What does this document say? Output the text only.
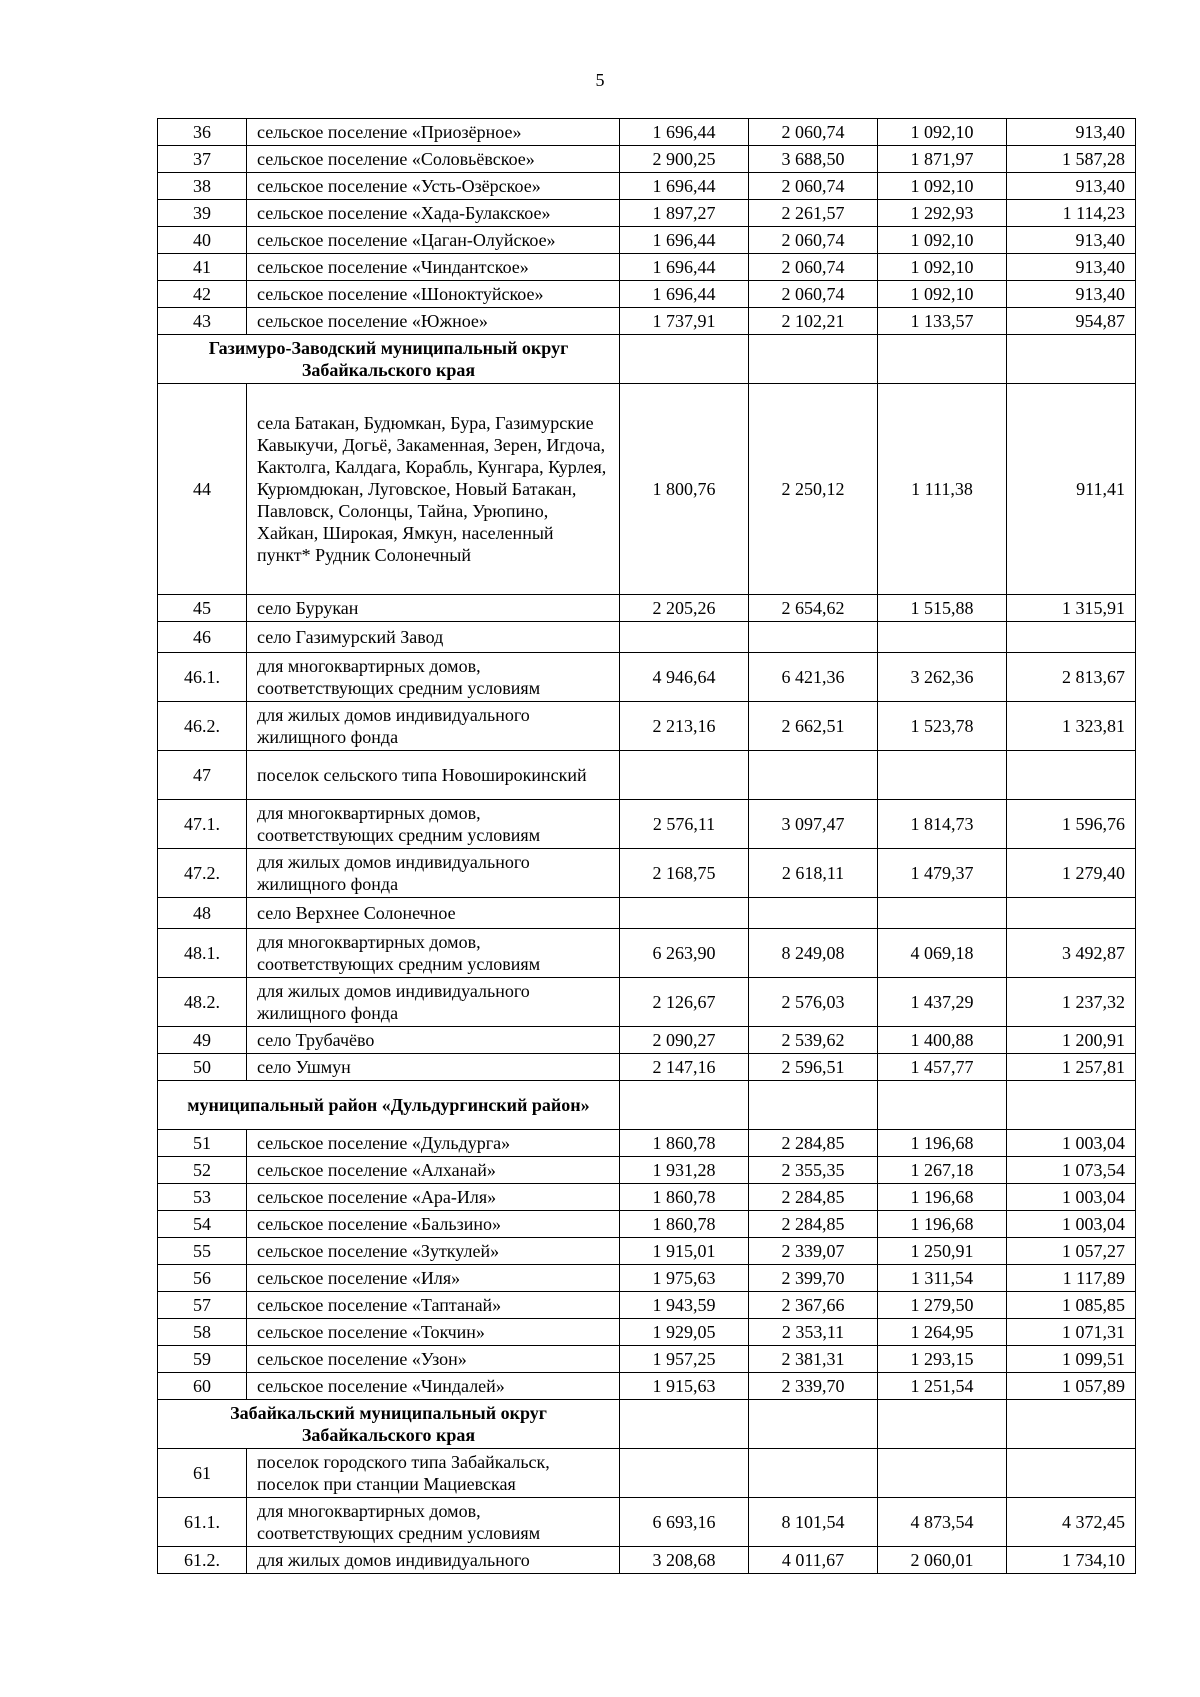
5
36	сельское поселение «Приозёрное»	1 696,44	2 060,74	1 092,10	913,40
37	сельское поселение «Соловьёвское»	2 900,25	3 688,50	1 871,97	1 587,28
38	сельское поселение «Усть-Озёрское»	1 696,44	2 060,74	1 092,10	913,40
39	сельское поселение «Хада-Булакское»	1 897,27	2 261,57	1 292,93	1 114,23
40	сельское поселение «Цаган-Олуйское»	1 696,44	2 060,74	1 092,10	913,40
41	сельское поселение «Чиндантское»	1 696,44	2 060,74	1 092,10	913,40
42	сельское поселение «Шоноктуйское»	1 696,44	2 060,74	1 092,10	913,40
43	сельское поселение «Южное»	1 737,91	2 102,21	1 133,57	954,87
Газимуро-Заводский муниципальный округ Забайкальского края					
44	села Батакан, Будюмкан, Бура, Газимурские Кавыкучи, Догьё, Закаменная, Зерен, Игдоча, Кактолга, Калдага, Корабль, Кунгара, Курлея, Курюмдюкан, Луговское, Новый Батакан, Павловск, Солонцы, Тайна, Урюпино, Хайкан, Широкая, Ямкун, населенный пункт* Рудник Солонечный	1 800,76	2 250,12	1 111,38	911,41
45	село Бурукан	2 205,26	2 654,62	1 515,88	1 315,91
46	село Газимурский Завод				
46.1.	для многоквартирных домов, соответствующих средним условиям	4 946,64	6 421,36	3 262,36	2 813,67
46.2.	для жилых домов индивидуального жилищного фонда	2 213,16	2 662,51	1 523,78	1 323,81
47	поселок сельского типа Новоширокинский				
47.1.	для многоквартирных домов, соответствующих средним условиям	2 576,11	3 097,47	1 814,73	1 596,76
47.2.	для жилых домов индивидуального жилищного фонда	2 168,75	2 618,11	1 479,37	1 279,40
48	село Верхнее Солонечное				
48.1.	для многоквартирных домов, соответствующих средним условиям	6 263,90	8 249,08	4 069,18	3 492,87
48.2.	для жилых домов индивидуального жилищного фонда	2 126,67	2 576,03	1 437,29	1 237,32
49	село Трубачёво	2 090,27	2 539,62	1 400,88	1 200,91
50	село Ушмун	2 147,16	2 596,51	1 457,77	1 257,81
муниципальный район «Дульдургинский район»					
51	сельское поселение «Дульдурга»	1 860,78	2 284,85	1 196,68	1 003,04
52	сельское поселение «Алханай»	1 931,28	2 355,35	1 267,18	1 073,54
53	сельское поселение «Ара-Иля»	1 860,78	2 284,85	1 196,68	1 003,04
54	сельское поселение «Бальзино»	1 860,78	2 284,85	1 196,68	1 003,04
55	сельское поселение «Зуткулей»	1 915,01	2 339,07	1 250,91	1 057,27
56	сельское поселение «Иля»	1 975,63	2 399,70	1 311,54	1 117,89
57	сельское поселение «Таптанай»	1 943,59	2 367,66	1 279,50	1 085,85
58	сельское поселение «Токчин»	1 929,05	2 353,11	1 264,95	1 071,31
59	сельское поселение «Узон»	1 957,25	2 381,31	1 293,15	1 099,51
60	сельское поселение «Чиндалей»	1 915,63	2 339,70	1 251,54	1 057,89
Забайкальский муниципальный округ Забайкальского края					
61	поселок городского типа Забайкальск, поселок при станции Мациевская				
61.1.	для многоквартирных домов, соответствующих средним условиям	6 693,16	8 101,54	4 873,54	4 372,45
61.2.	для жилых домов индивидуального	3 208,68	4 011,67	2 060,01	1 734,10
